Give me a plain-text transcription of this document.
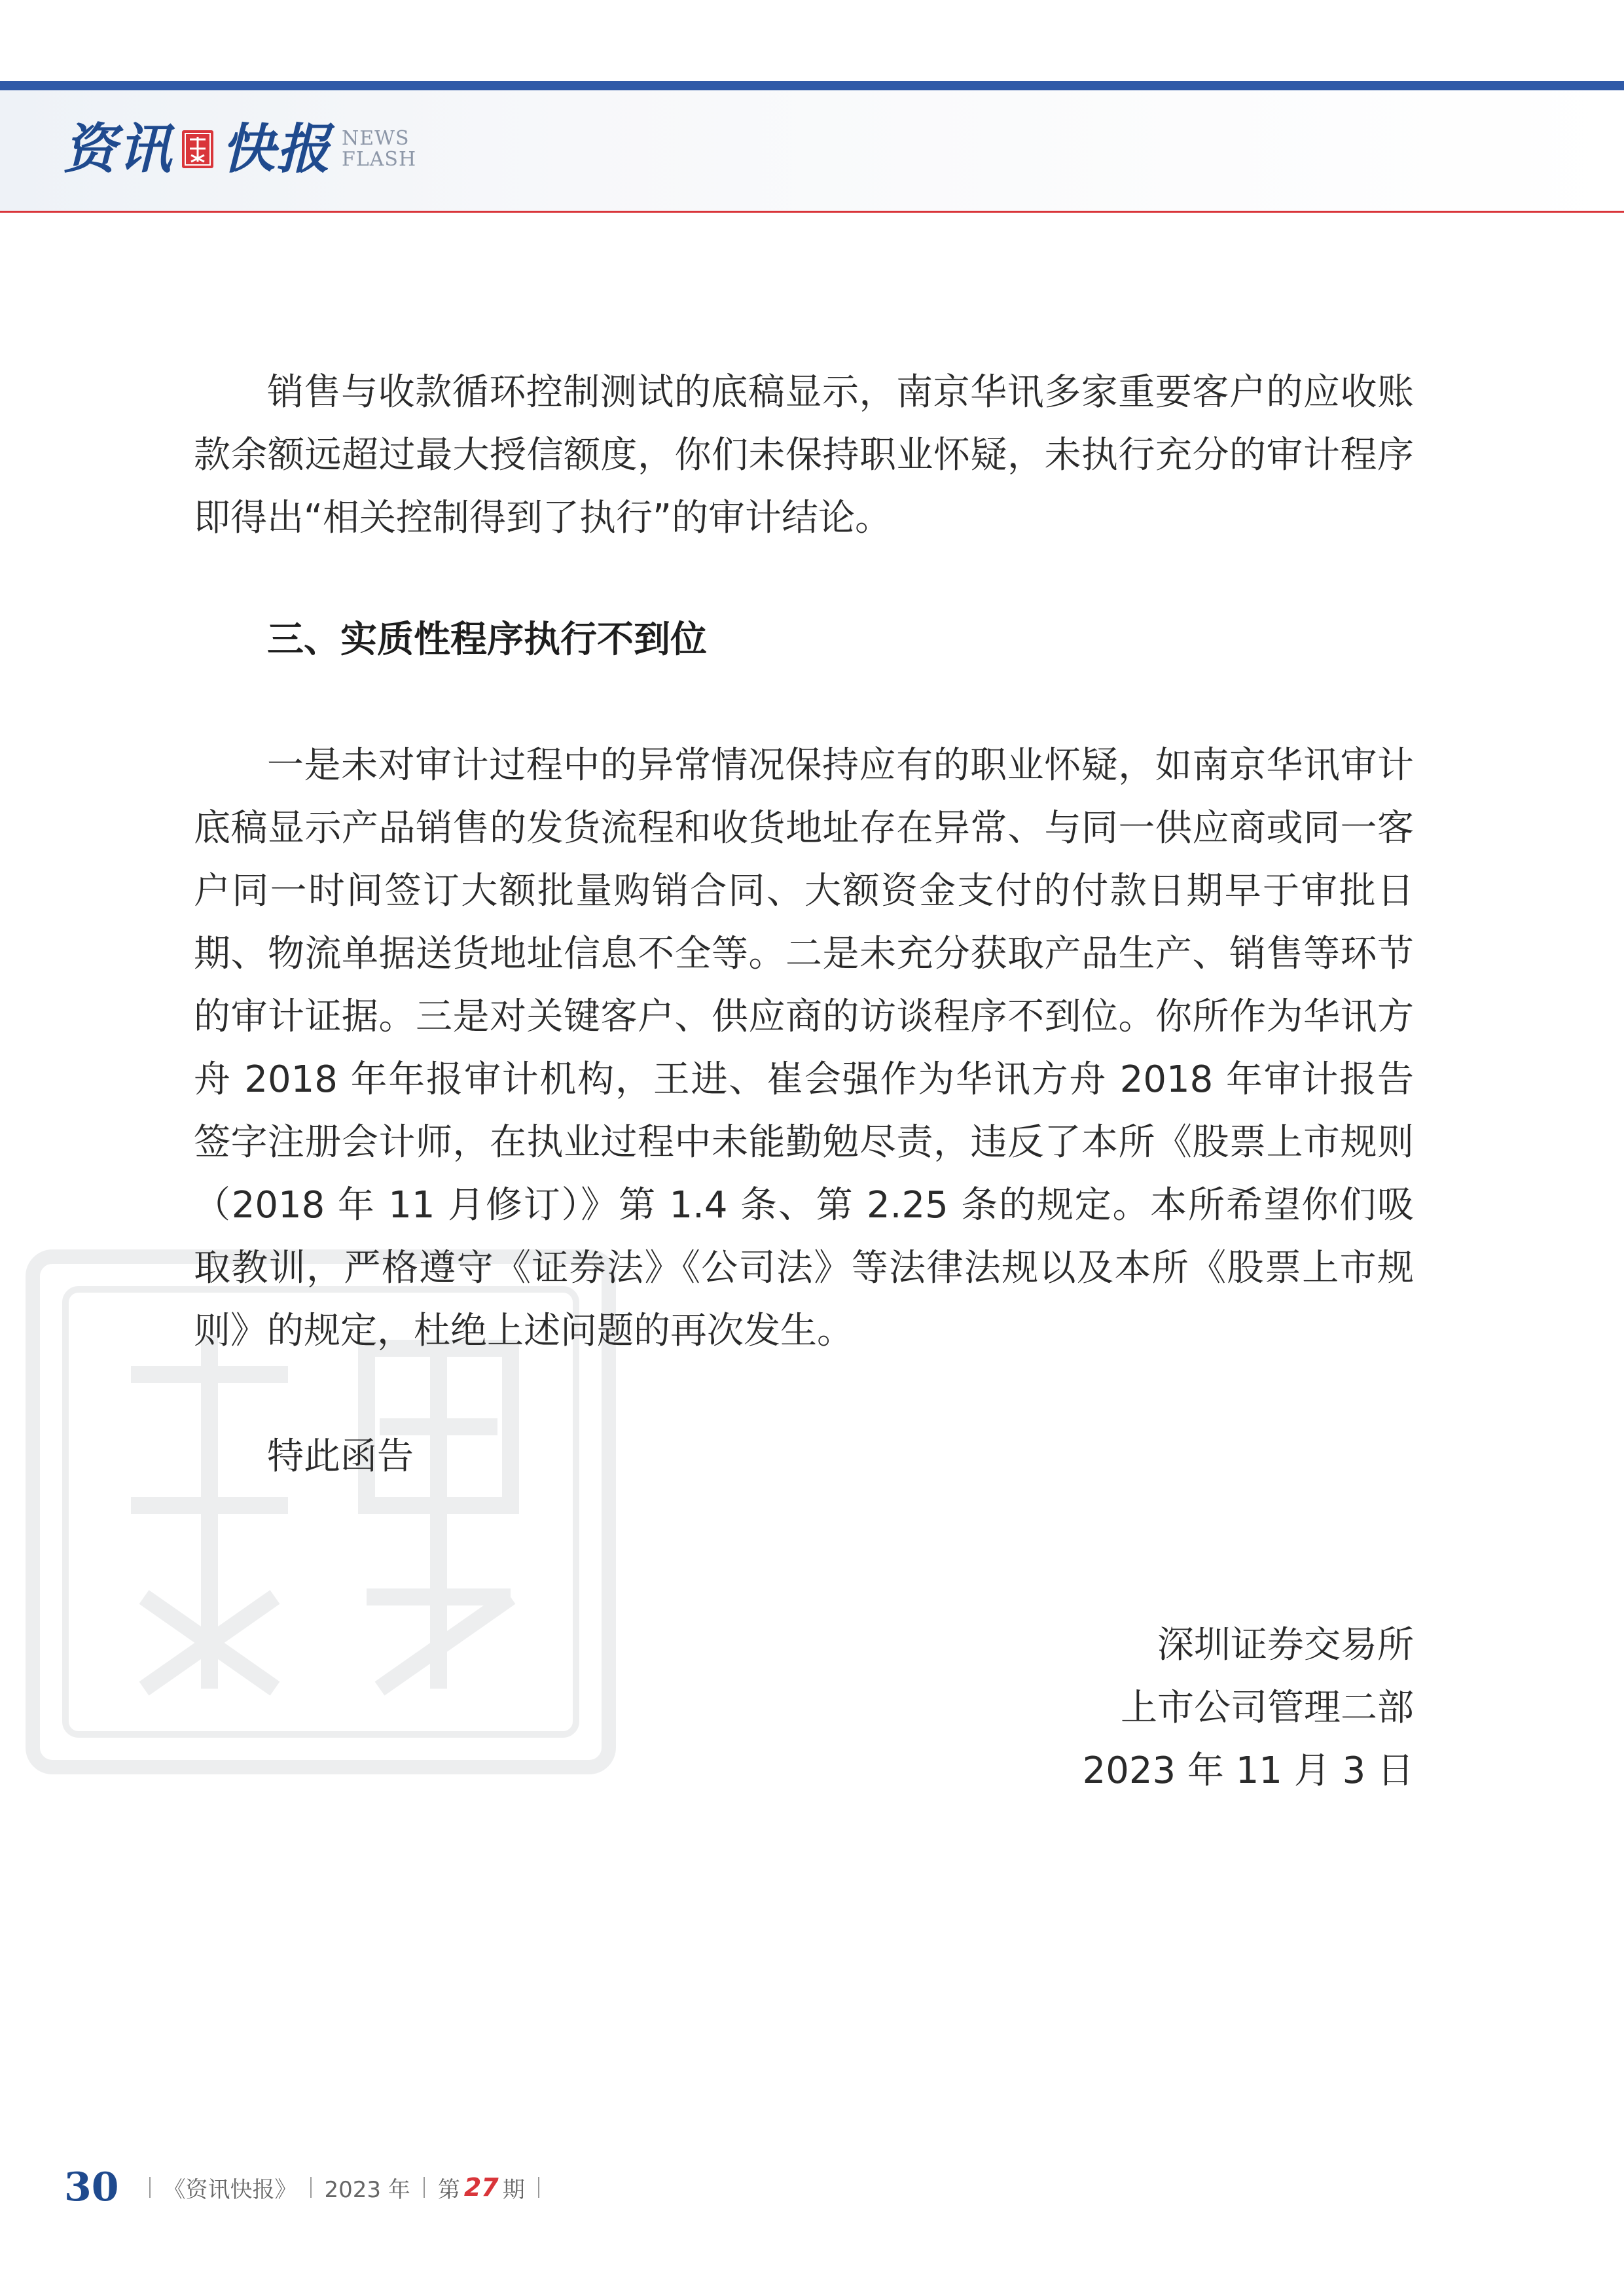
资讯 快报 NEWS
FLASH
销售与收款循环控制测试的底稿显示，南京华讯多家重要客户的应收账款余额远超过最大授信额度，你们未保持职业怀疑，未执行充分的审计程序即得出“相关控制得到了执行”的审计结论。
三、实质性程序执行不到位
一是未对审计过程中的异常情况保持应有的职业怀疑，如南京华讯审计底稿显示产品销售的发货流程和收货地址存在异常、与同一供应商或同一客户同一时间签订大额批量购销合同、大额资金支付的付款日期早于审批日期、物流单据送货地址信息不全等。二是未充分获取产品生产、销售等环节的审计证据。三是对关键客户、供应商的访谈程序不到位。你所作为华讯方舟 2018 年年报审计机构，王进、崔会强作为华讯方舟 2018 年审计报告签字注册会计师，在执业过程中未能勤勉尽责，违反了本所《股票上市规则（2018 年 11 月修订）》第 1.4 条、第 2.25 条的规定。本所希望你们吸取教训，严格遵守《证券法》《公司法》等法律法规以及本所《股票上市规则》的规定，杜绝上述问题的再次发生。
特此函告
深圳证券交易所
上市公司管理二部
2023 年 11 月 3 日
30 《资讯快报》 2023 年 第 27 期
